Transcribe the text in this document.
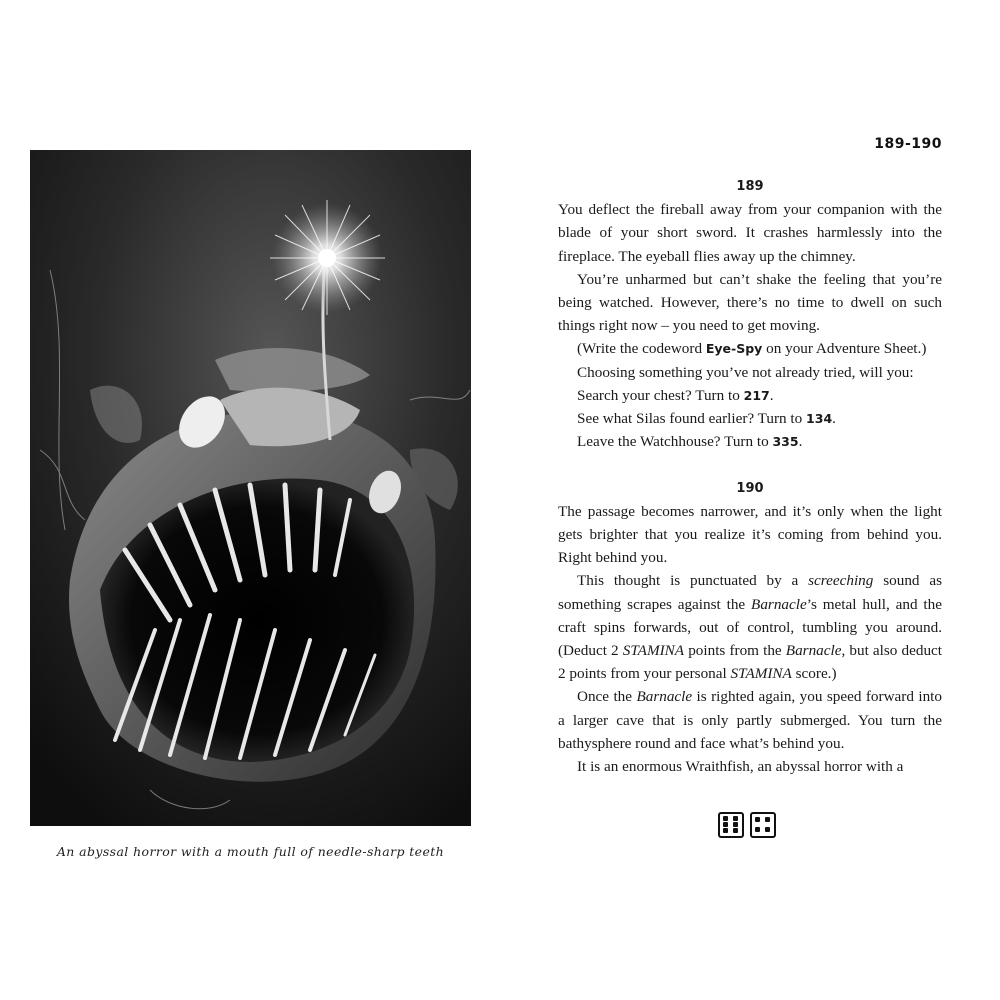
An abyssal horror with a mouth full of needle-sharp teeth
189-190

189

You deflect the fireball away from your companion with the blade of your short sword. It crashes harmlessly into the fireplace. The eyeball flies away up the chimney.

You’re unharmed but can’t shake the feeling that you’re being watched. However, there’s no time to dwell on such things right now – you need to get moving.

(Write the codeword Eye-Spy on your Adventure Sheet.)

Choosing something you’ve not already tried, will you:

Search your chest? Turn to 217.

See what Silas found earlier? Turn to 134.

Leave the Watchhouse? Turn to 335.

190

The passage becomes narrower, and it’s only when the light gets brighter that you realize it’s coming from behind you. Right behind you.

This thought is punctuated by a screeching sound as something scrapes against the Barnacle’s metal hull, and the craft spins forwards, out of control, tumbling you around. (Deduct 2 STAMINA points from the Barnacle, but also deduct 2 points from your personal STAMINA score.)

Once the Barnacle is righted again, you speed forward into a larger cave that is only partly submerged. You turn the bathysphere round and face what’s behind you.

It is an enormous Wraithfish, an abyssal horror with a
